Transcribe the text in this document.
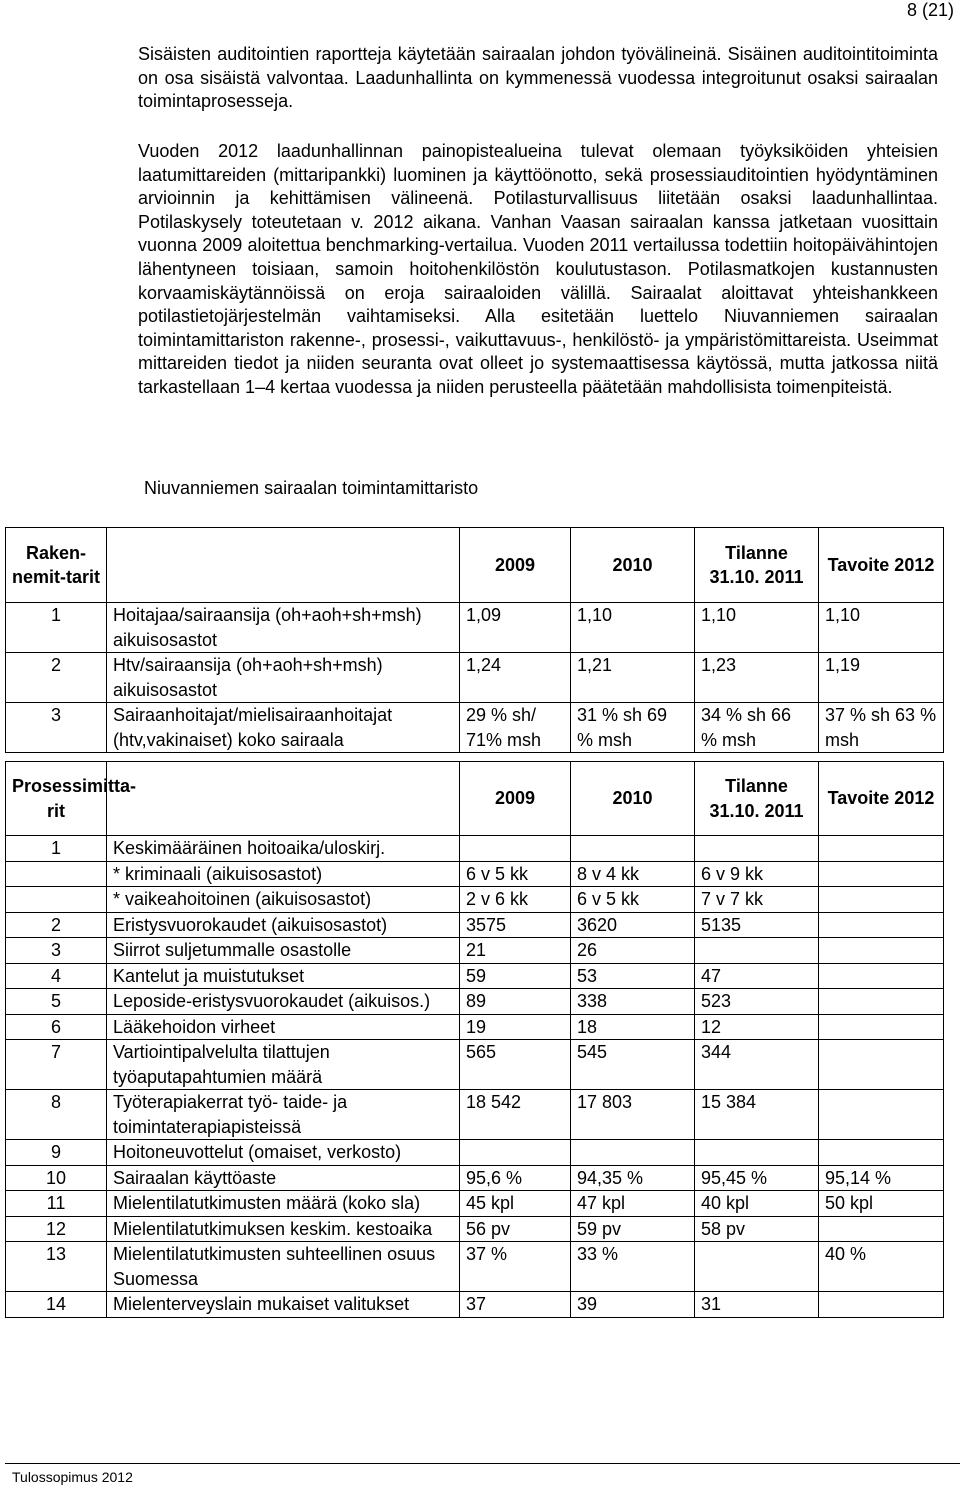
8 (21)

Sisäisten auditointien raportteja käytetään sairaalan johdon työvälineinä. Sisäinen auditointitoiminta on osa sisäistä valvontaa. Laadunhallinta on kymmenessä vuodessa integroitunut osaksi sairaalan toimintaprosesseja.

Vuoden 2012 laadunhallinnan painopistealueina tulevat olemaan työyksiköiden yhteisien laatumittareiden (mittaripankki) luominen ja käyttöönotto, sekä prosessiauditointien hyödyntäminen arvioinnin ja kehittämisen välineenä. Potilasturvallisuus liitetään osaksi laadunhallintaa. Potilaskysely toteutetaan v. 2012 aikana. Vanhan Vaasan sairaalan kanssa jatketaan vuosittain vuonna 2009 aloitettua benchmarking-vertailua. Vuoden 2011 vertailussa todettiin hoitopäivähintojen lähentyneen toisiaan, samoin hoitohenkilöstön koulutustason. Potilasmatkojen kustannusten korvaamiskäytännöissä on eroja sairaaloiden välillä. Sairaalat aloittavat yhteishankkeen potilastietojärjestelmän vaihtamiseksi. Alla esitetään luettelo Niuvanniemen sairaalan toimintamittariston rakenne-, prosessi-, vaikuttavuus-, henkilöstö- ja ympäristömittareista. Useimmat mittareiden tiedot ja niiden seuranta ovat olleet jo systemaattisessa käytössä, mutta jatkossa niitä tarkastellaan 1–4 kertaa vuodessa ja niiden perusteella päätetään mahdollisista toimenpiteistä.

Niuvanniemen sairaalan toimintamittaristo
Raken-nemit-tarit		2009	2010	Tilanne 31.10. 2011	Tavoite 2012
1	Hoitajaa/sairaansija (oh+aoh+sh+msh) aikuisosastot	1,09	1,10	1,10	1,10
2	Htv/sairaansija (oh+aoh+sh+msh) aikuisosastot	1,24	1,21	1,23	1,19
3	Sairaanhoitajat/mielisairaanhoitajat (htv,vakinaiset) koko sairaala	29 % sh/ 71% msh	31 % sh 69 % msh	34 % sh 66 % msh	37 % sh 63 % msh
Prosessimitta-rit		2009	2010	Tilanne 31.10. 2011	Tavoite 2012
1	Keskimääräinen hoitoaika/uloskirj.				
	* kriminaali (aikuisosastot)	6 v 5 kk	8 v 4 kk	6 v 9 kk	
	* vaikeahoitoinen (aikuisosastot)	2 v 6 kk	6 v 5 kk	7 v 7 kk	
2	Eristysvuorokaudet (aikuisosastot)	3575	3620	5135	
3	Siirrot suljetummalle osastolle	21	26		
4	Kantelut ja muistutukset	59	53	47	
5	Leposide-eristysvuorokaudet (aikuisos.)	89	338	523	
6	Lääkehoidon virheet	19	18	12	
7	Vartiointipalvelulta tilattujen työaputapahtumien määrä	565	545	344	
8	Työterapiakerrat työ- taide- ja toimintaterapiapisteissä	18 542	17 803	15 384	
9	Hoitoneuvottelut (omaiset, verkosto)				
10	Sairaalan käyttöaste	95,6 %	94,35 %	95,45 %	95,14 %
11	Mielentilatutkimusten määrä (koko sla)	45 kpl	47 kpl	40 kpl	50 kpl
12	Mielentilatutkimuksen keskim. kestoaika	56 pv	59 pv	58 pv	
13	Mielentilatutkimusten suhteellinen osuus Suomessa	37 %	33 %		40 %
14	Mielenterveyslain mukaiset valitukset	37	39	31	
Tulossopimus 2012
